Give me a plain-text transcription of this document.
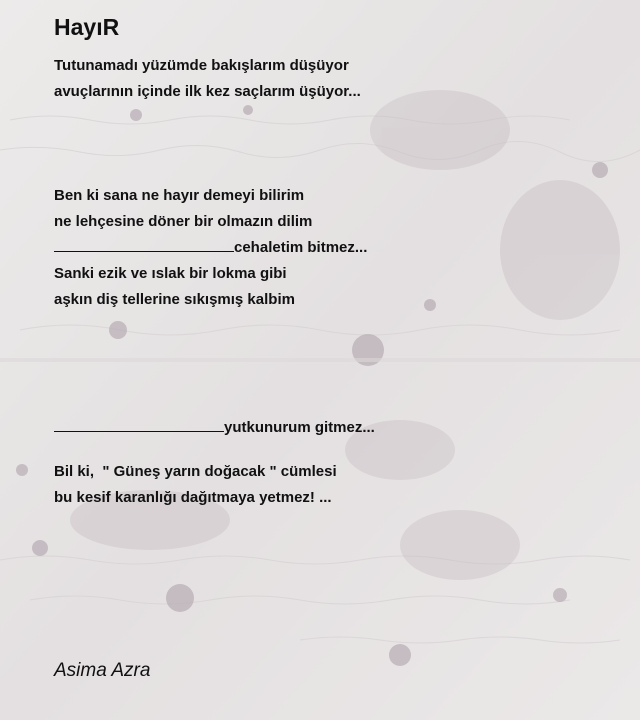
HayıR

Tutunamadı yüzümde bakışlarım düşüyor
avuçlarının içinde ilk kez saçlarım üşüyor...

Ben ki sana ne hayır demeyi bilirim
ne lehçesine döner bir olmazın dilim
cehaletim bitmez...
Sanki ezik ve ıslak bir lokma gibi
aşkın diş tellerine sıkışmış kalbim

yutkunurum gitmez...

Bil ki,  " Güneş yarın doğacak " cümlesi
bu kesif karanlığı dağıtmaya yetmez! ...

Asima Azra
